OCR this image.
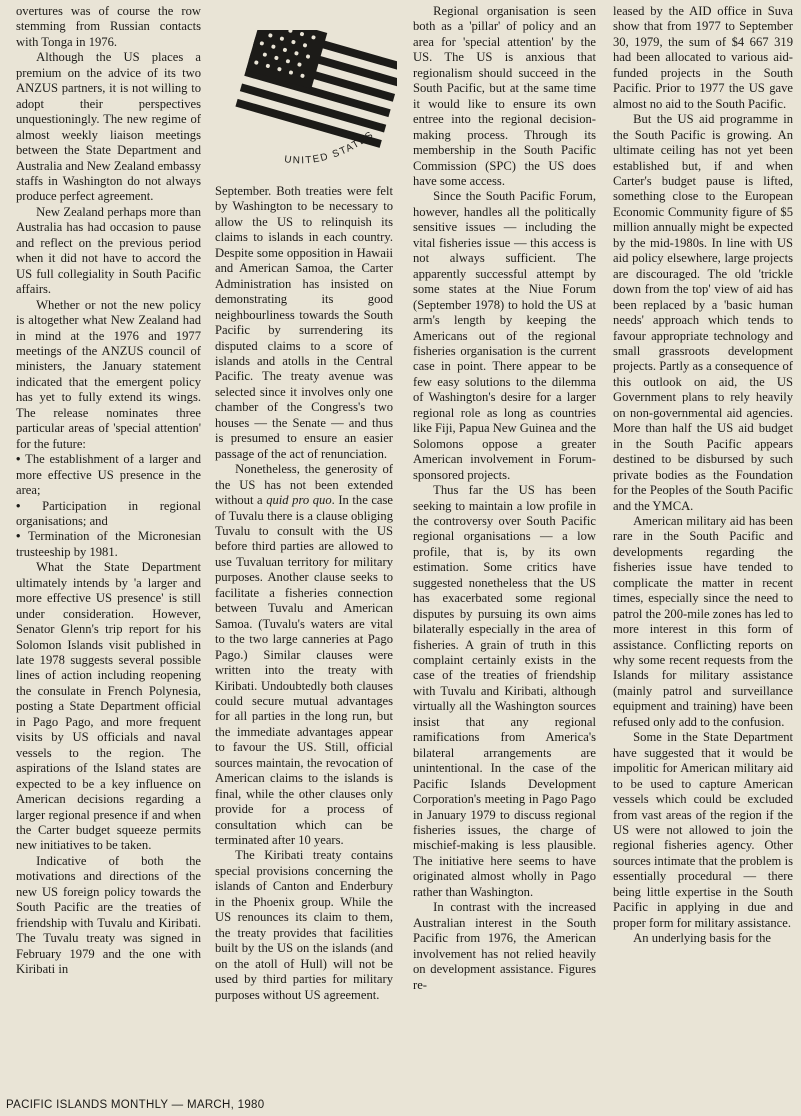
overtures was of course the row stemming from Russian contacts with Tonga in 1976.

Although the US places a premium on the advice of its two ANZUS partners, it is not willing to adopt their perspectives unquestioningly. The new regime of almost weekly liaison meetings between the State Department and Australia and New Zealand embassy staffs in Washington do not always produce perfect agreement.

New Zealand perhaps more than Australia has had occasion to pause and reflect on the previous period when it did not have to accord the US full collegiality in South Pacific affairs.

Whether or not the new policy is altogether what New Zealand had in mind at the 1976 and 1977 meetings of the ANZUS council of ministers, the January statement indicated that the emergent policy has yet to fully extend its wings. The release nominates three particular areas of 'special attention' for the future:

• The establishment of a larger and more effective US presence in the area;

• Participation in regional organisations; and

• Termination of the Micronesian trusteeship by 1981.

What the State Department ultimately intends by 'a larger and more effective US presence' is still under consideration. However, Senator Glenn's trip report for his Solomon Islands visit published in late 1978 suggests several possible lines of action including reopening the consulate in French Polynesia, posting a State Department official in Pago Pago, and more frequent visits by US officials and naval vessels to the region. The aspirations of the Island states are expected to be a key influence on American decisions regarding a larger regional presence if and when the Carter budget squeeze permits new initiatives to be taken.

Indicative of both the motivations and directions of the new US foreign policy towards the South Pacific are the treaties of friendship with Tuvalu and Kiribati. The Tuvalu treaty was signed in February 1979 and the one with Kiribati in

UNITED STATES

September. Both treaties were felt by Washington to be necessary to allow the US to relinquish its claims to islands in each country. Despite some opposition in Hawaii and American Samoa, the Carter Administration has insisted on demonstrating its good neighbourliness towards the South Pacific by surrendering its disputed claims to a score of islands and atolls in the Central Pacific. The treaty avenue was selected since it involves only one chamber of the Congress's two houses — the Senate — and thus is presumed to ensure an easier passage of the act of renunciation.

Nonetheless, the generosity of the US has not been extended without a quid pro quo. In the case of Tuvalu there is a clause obliging Tuvalu to consult with the US before third parties are allowed to use Tuvaluan territory for military purposes. Another clause seeks to facilitate a fisheries connection between Tuvalu and American Samoa. (Tuvalu's waters are vital to the two large canneries at Pago Pago.) Similar clauses were written into the treaty with Kiribati. Undoubtedly both clauses could secure mutual advantages for all parties in the long run, but the immediate advantages appear to favour the US. Still, official sources maintain, the revocation of American claims to the islands is final, while the other clauses only provide for a process of consultation which can be terminated after 10 years.

The Kiribati treaty contains special provisions concerning the islands of Canton and Enderbury in the Phoenix group. While the US renounces its claim to them, the treaty provides that facilities built by the US on the islands (and on the atoll of Hull) will not be used by third parties for military purposes without US agreement.

Regional organisation is seen both as a 'pillar' of policy and an area for 'special attention' by the US. The US is anxious that regionalism should succeed in the South Pacific, but at the same time it would like to ensure its own entree into the regional decision-making process. Through its membership in the South Pacific Commission (SPC) the US does have some access.

Since the South Pacific Forum, however, handles all the politically sensitive issues — including the vital fisheries issue — this access is not always sufficient. The apparently successful attempt by some states at the Niue Forum (September 1978) to hold the US at arm's length by keeping the Americans out of the regional fisheries organisation is the current case in point. There appear to be few easy solutions to the dilemma of Washington's desire for a larger regional role as long as countries like Fiji, Papua New Guinea and the Solomons oppose a greater American involvement in Forum-sponsored projects.

Thus far the US has been seeking to maintain a low profile in the controversy over South Pacific regional organisations — a low profile, that is, by its own estimation. Some critics have suggested nonetheless that the US has exacerbated some regional disputes by pursuing its own aims bilaterally especially in the area of fisheries. A grain of truth in this complaint certainly exists in the case of the treaties of friendship with Tuvalu and Kiribati, although virtually all the Washington sources insist that any regional ramifications from America's bilateral arrangements are unintentional. In the case of the Pacific Islands Development Corporation's meeting in Pago Pago in January 1979 to discuss regional fisheries issues, the charge of mischief-making is less plausible. The initiative here seems to have originated almost wholly in Pago rather than Washington.

In contrast with the increased Australian interest in the South Pacific from 1976, the American involvement has not relied heavily on development assistance. Figures re-

leased by the AID office in Suva show that from 1977 to September 30, 1979, the sum of $4 667 319 had been allocated to various aid-funded projects in the South Pacific. Prior to 1977 the US gave almost no aid to the South Pacific.

But the US aid programme in the South Pacific is growing. An ultimate ceiling has not yet been established but, if and when Carter's budget pause is lifted, something close to the European Economic Community figure of $5 million annually might be expected by the mid-1980s. In line with US aid policy elsewhere, large projects are discouraged. The old 'trickle down from the top' view of aid has been replaced by a 'basic human needs' approach which tends to favour appropriate technology and small grassroots development projects. Partly as a consequence of this outlook on aid, the US Government plans to rely heavily on non-governmental aid agencies. More than half the US aid budget in the South Pacific appears destined to be disbursed by such private bodies as the Foundation for the Peoples of the South Pacific and the YMCA.

American military aid has been rare in the South Pacific and developments regarding the fisheries issue have tended to complicate the matter in recent times, especially since the need to patrol the 200-mile zones has led to more interest in this form of assistance. Conflicting reports on why some recent requests from the Islands for military assistance (mainly patrol and surveillance equipment and training) have been refused only add to the confusion.

Some in the State Department have suggested that it would be impolitic for American military aid to be used to capture American vessels which could be excluded from vast areas of the region if the US were not allowed to join the regional fisheries agency. Other sources intimate that the problem is essentially procedural — there being little expertise in the South Pacific in applying in due and proper form for military assistance.

An underlying basis for the

PACIFIC ISLANDS MONTHLY — MARCH, 1980
